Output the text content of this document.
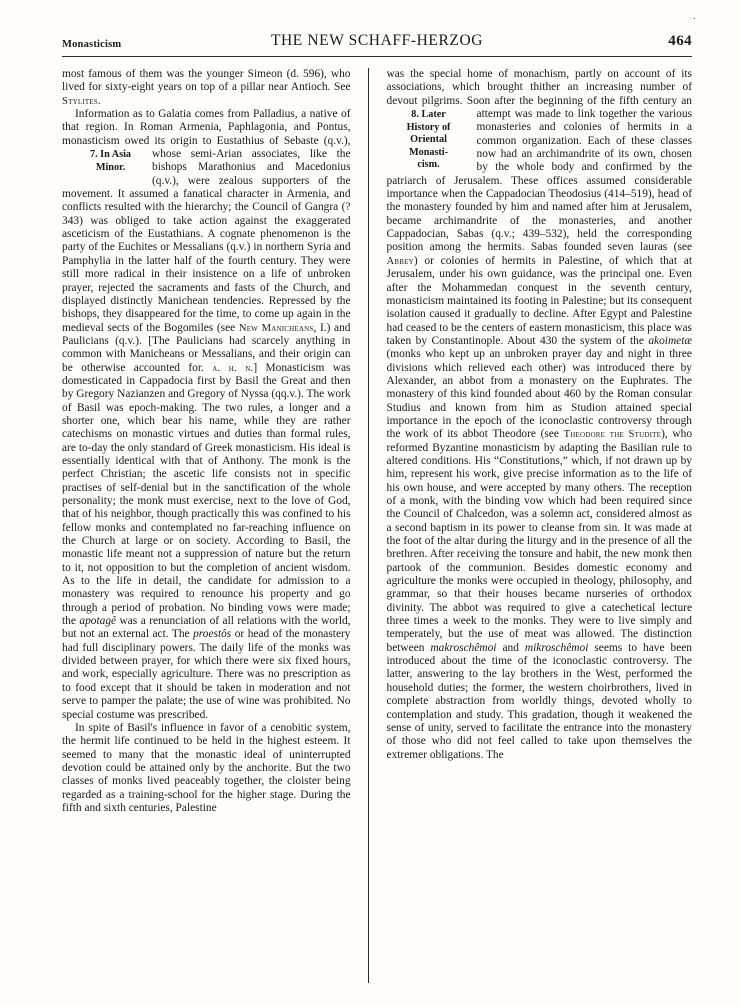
·
Monasticism	THE NEW SCHAFF-HERZOG	464

most famous of them was the younger Simeon (d. 596), who lived for sixty-eight years on top of a pillar near Antioch. See Stylites.

Information as to Galatia comes from Palladius, a native of that region. In Roman Armenia, Paphlagonia, and Pontus, monasticism owed its origin to Eustathius of Sebaste (q.v.),
7. In Asia
Minor.
whose semi-Arian associates, like the bishops Marathonius and Macedonius (q.v.), were zealous supporters of the movement. It assumed a fanatical character in Armenia, and conflicts resulted with the hierarchy; the Council of Gangra (? 343) was obliged to take action against the exaggerated asceticism of the Eustathians. A cognate phenomenon is the party of the Euchites or Messalians (q.v.) in northern Syria and Pamphylia in the latter half of the fourth century. They were still more radical in their insistence on a life of unbroken prayer, rejected the sacraments and fasts of the Church, and displayed distinctly Manichean tendencies. Repressed by the bishops, they disappeared for the time, to come up again in the medieval sects of the Bogomiles (see New Manicheans, I.) and Paulicians (q.v.). [The Paulicians had scarcely anything in common with Manicheans or Messalians, and their origin can be otherwise accounted for. a. h. n.] Monasticism was domesticated in Cappadocia first by Basil the Great and then by Gregory Nazianzen and Gregory of Nyssa (qq.v.). The work of Basil was epoch-making. The two rules, a longer and a shorter one, which bear his name, while they are rather catechisms on monastic virtues and duties than formal rules, are to-day the only standard of Greek monasticism. His ideal is essentially identical with that of Anthony. The monk is the perfect Christian; the ascetic life consists not in specific practises of self-denial but in the sanctification of the whole personality; the monk must exercise, next to the love of God, that of his neighbor, though practically this was confined to his fellow monks and contemplated no far-reaching influence on the Church at large or on society. According to Basil, the monastic life meant not a suppression of nature but the return to it, not opposition to but the completion of ancient wisdom. As to the life in detail, the candidate for admission to a monastery was required to renounce his property and go through a period of probation. No binding vows were made; the apotagê was a renunciation of all relations with the world, but not an external act. The proestôs or head of the monastery had full disciplinary powers. The daily life of the monks was divided between prayer, for which there were six fixed hours, and work, especially agriculture. There was no prescription as to food except that it should be taken in moderation and not serve to pamper the palate; the use of wine was prohibited. No special costume was prescribed.

In spite of Basil's influence in favor of a cenobitic system, the hermit life continued to be held in the highest esteem. It seemed to many that the monastic ideal of uninterrupted devotion could be attained only by the anchorite. But the two classes of monks lived peaceably together, the cloister being regarded as a training-school for the higher stage. During the fifth and sixth centuries, Palestine

was the special home of monachism, partly on account of its associations, which brought thither an increasing number of devout pilgrims. Soon after the beginning of the fifth century an
8. Later
History of
Oriental
Monasti-
cism.
attempt was made to link together the various monasteries and colonies of hermits in a common organization. Each of these classes now had an archimandrite of its own, chosen by the whole body and confirmed by the patriarch of Jerusalem. These offices assumed considerable importance when the Cappadocian Theodosius (414–519), head of the monastery founded by him and named after him at Jerusalem, became archimandrite of the monasteries, and another Cappadocian, Sabas (q.v.; 439–532), held the corresponding position among the hermits. Sabas founded seven lauras (see Abbey) or colonies of hermits in Palestine, of which that at Jerusalem, under his own guidance, was the principal one. Even after the Mohammedan conquest in the seventh century, monasticism maintained its footing in Palestine; but its consequent isolation caused it gradually to decline. After Egypt and Palestine had ceased to be the centers of eastern monasticism, this place was taken by Constantinople. About 430 the system of the akoimetæ (monks who kept up an unbroken prayer day and night in three divisions which relieved each other) was introduced there by Alexander, an abbot from a monastery on the Euphrates. The monastery of this kind founded about 460 by the Roman consular Studius and known from him as Studion attained special importance in the epoch of the iconoclastic controversy through the work of its abbot Theodore (see Theodore the Studite), who reformed Byzantine monasticism by adapting the Basilian rule to altered conditions. His “Constitutions,” which, if not drawn up by him, represent his work, give precise information as to the life of his own house, and were accepted by many others. The reception of a monk, with the binding vow which had been required since the Council of Chalcedon, was a solemn act, considered almost as a second baptism in its power to cleanse from sin. It was made at the foot of the altar during the liturgy and in the presence of all the brethren. After receiving the tonsure and habit, the new monk then partook of the communion. Besides domestic economy and agriculture the monks were occupied in theology, philosophy, and grammar, so that their houses became nurseries of orthodox divinity. The abbot was required to give a catechetical lecture three times a week to the monks. They were to live simply and temperately, but the use of meat was allowed. The distinction between makroschêmoi and mikroschêmoi seems to have been introduced about the time of the iconoclastic controversy. The latter, answering to the lay brothers in the West, performed the household duties; the former, the western choirbrothers, lived in complete abstraction from worldly things, devoted wholly to contemplation and study. This gradation, though it weakened the sense of unity, served to facilitate the entrance into the monastery of those who did not feel called to take upon themselves the extremer obligations. The
